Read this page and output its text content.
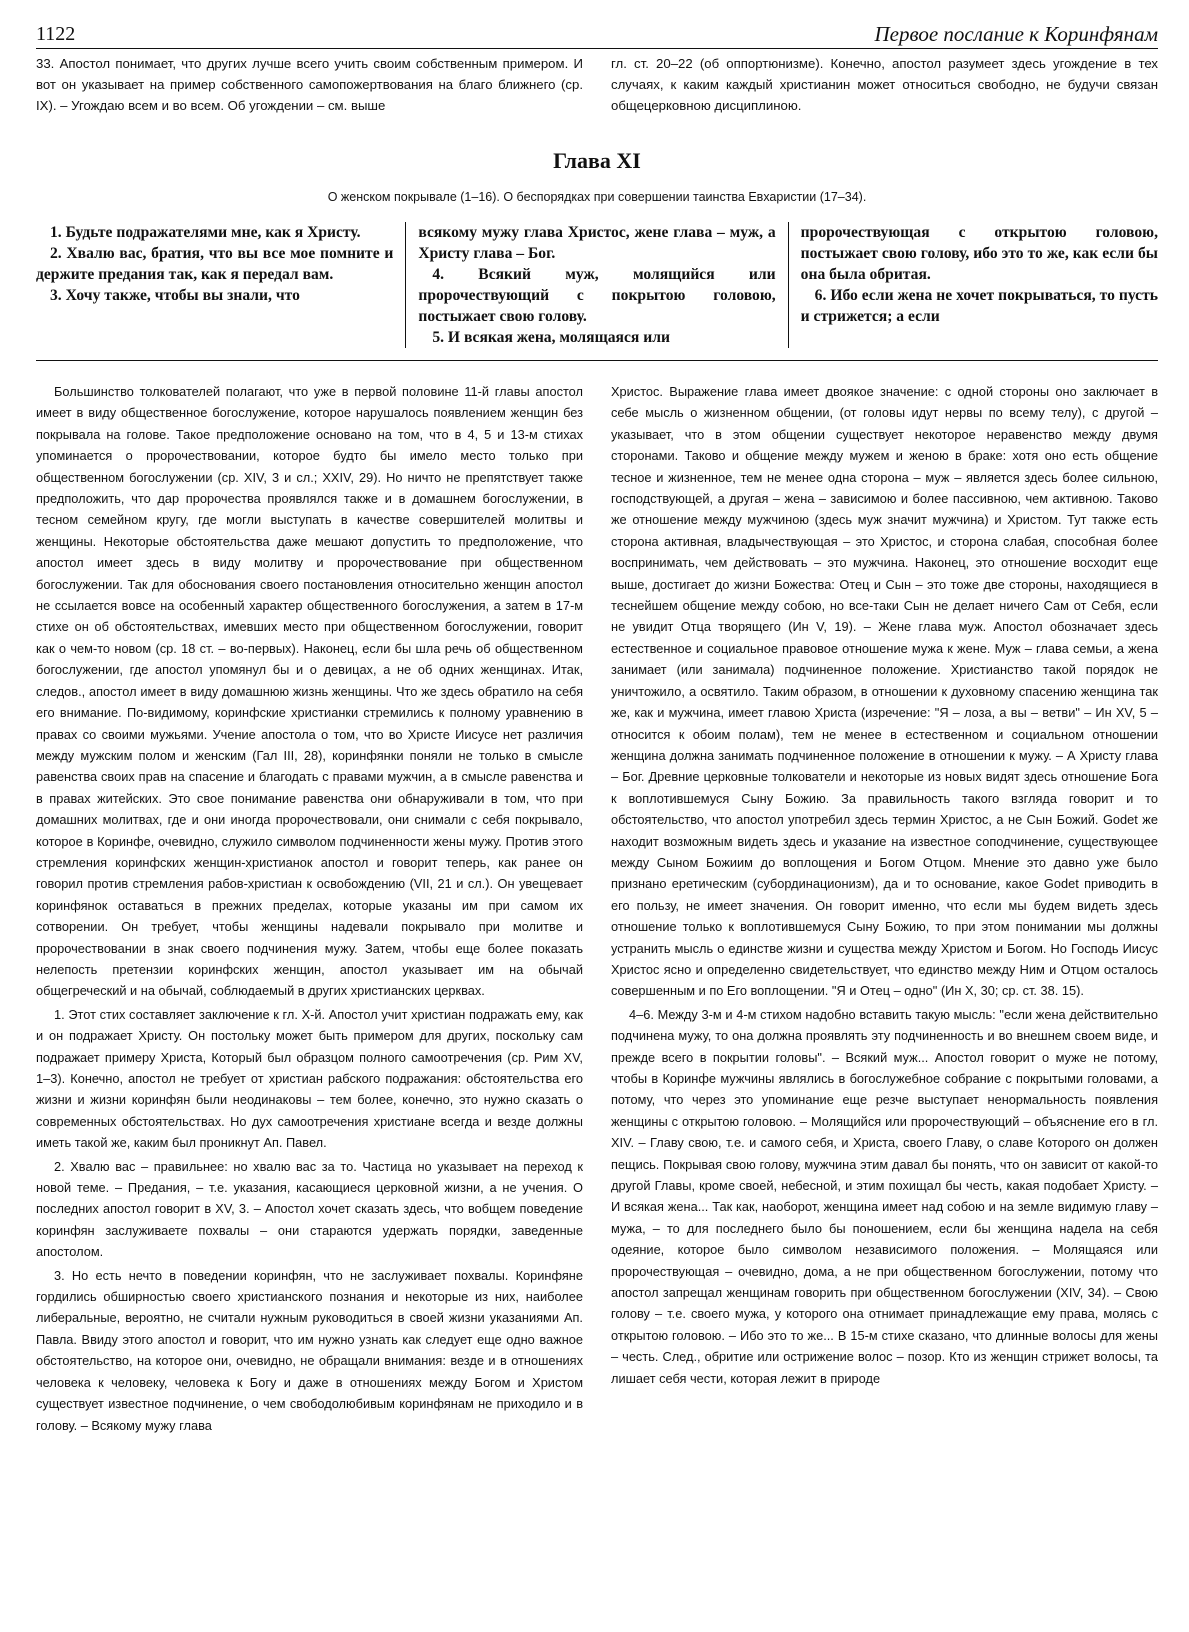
1122	Первое послание к Коринфянам
33. Апостол понимает, что других лучше всего учить своим собственным примером. И вот он указывает на пример собственного самопожертвования на благо ближнего (ср. IX). – Угождаю всем и во всем. Об угождении – см. выше
гл. ст. 20–22 (об оппортюнизме). Конечно, апостол разумеет здесь угождение в тех случаях, к каким каждый христианин может относиться свободно, не будучи связан общецерковною дисциплиною.
Глава XI
О женском покрывале (1–16). О беспорядках при совершении таинства Евхаристии (17–34).

1. Будьте подражателями мне, как я Христу.

2. Хвалю вас, братия, что вы все мое помните и держите предания так, как я передал вам.

3. Хочу также, чтобы вы знали, что

всякому мужу глава Христос, жене глава – муж, а Христу глава – Бог.

4. Всякий муж, молящийся или пророчествующий с покрытою головою, постыжает свою голову.

5. И всякая жена, молящаяся или

пророчествующая с открытою головою, постыжает свою голову, ибо это то же, как если бы она была обритая.

6. Ибо если жена не хочет покрываться, то пусть и стрижется; а если

Большинство толкователей полагают, что уже в первой половине 11-й главы апостол имеет в виду общественное богослужение, которое нарушалось появлением женщин без покрывала на голове. Такое предположение основано на том, что в 4, 5 и 13-м стихах упоминается о пророчествовании, которое будто бы имело место только при общественном богослужении (ср. XIV, 3 и сл.; XXIV, 29). Но ничто не препятствует также предположить, что дар пророчества проявлялся также и в домашнем богослужении, в тесном семейном кругу, где могли выступать в качестве совершителей молитвы и женщины. Некоторые обстоятельства даже мешают допустить то предположение, что апостол имеет здесь в виду молитву и пророчествование при общественном богослужении. Так для обоснования своего постановления относительно женщин апостол не ссылается вовсе на особенный характер общественного богослужения, а затем в 17-м стихе он об обстоятельствах, имевших место при общественном богослужении, говорит как о чем-то новом (ср. 18 ст. – во-первых). Наконец, если бы шла речь об общественном богослужении, где апостол упомянул бы и о девицах, а не об одних женщинах. Итак, следов., апостол имеет в виду домашнюю жизнь женщины. Что же здесь обратило на себя его внимание. По-видимому, коринфские христианки стремились к полному уравнению в правах со своими мужьями. Учение апостола о том, что во Христе Иисусе нет различия между мужским полом и женским (Гал III, 28), коринфянки поняли не только в смысле равенства своих прав на спасение и благодать с правами мужчин, а в смысле равенства и в правах житейских. Это свое понимание равенства они обнаруживали в том, что при домашних молитвах, где и они иногда пророчествовали, они снимали с себя покрывало, которое в Коринфе, очевидно, служило символом подчиненности жены мужу. Против этого стремления коринфских женщин-христианок апостол и говорит теперь, как ранее он говорил против стремления рабов-христиан к освобождению (VII, 21 и сл.). Он увещевает коринфянок оставаться в прежних пределах, которые указаны им при самом их сотворении. Он требует, чтобы женщины надевали покрывало при молитве и пророчествовании в знак своего подчинения мужу. Затем, чтобы еще более показать нелепость претензии коринфских женщин, апостол указывает им на обычай общегреческий и на обычай, соблюдаемый в других христианских церквах.

1. Этот стих составляет заключение к гл. X-й. Апостол учит христиан подражать ему, как и он подражает Христу. Он постольку может быть примером для других, поскольку сам подражает примеру Христа, Который был образцом полного самоотречения (ср. Рим XV, 1–3). Конечно, апостол не требует от христиан рабского подражания: обстоятельства его жизни и жизни коринфян были неодинаковы – тем более, конечно, это нужно сказать о современных обстоятельствах. Но дух самоотречения христиане всегда и везде должны иметь такой же, каким был проникнут Ап. Павел.

2. Хвалю вас – правильнее: но хвалю вас за то. Частица но указывает на переход к новой теме. – Предания, – т.е. указания, касающиеся церковной жизни, а не учения. О последних апостол говорит в XV, 3. – Апостол хочет сказать здесь, что вобщем поведение коринфян заслуживаете похвалы – они стараются удержать порядки, заведенные апостолом.

3. Но есть нечто в поведении коринфян, что не заслуживает похвалы. Коринфяне гордились обширностью своего христианского познания и некоторые из них, наиболее либеральные, вероятно, не считали нужным руководиться в своей жизни указаниями Ап. Павла. Ввиду этого апостол и говорит, что им нужно узнать как следует еще одно важное обстоятельство, на которое они, очевидно, не обращали внимания: везде и в отношениях человека к человеку, человека к Богу и даже в отношениях между Богом и Христом существует известное подчинение, о чем свободолюбивым коринфянам не приходило и в голову. – Всякому мужу глава

Христос. Выражение глава имеет двоякое значение: с одной стороны оно заключает в себе мысль о жизненном общении, (от головы идут нервы по всему телу), с другой – указывает, что в этом общении существует некоторое неравенство между двумя сторонами. Таково и общение между мужем и женою в браке: хотя оно есть общение тесное и жизненное, тем не менее одна сторона – муж – является здесь более сильною, господствующей, а другая – жена – зависимою и более пассивною, чем активною. Таково же отношение между мужчиною (здесь муж значит мужчина) и Христом. Тут также есть сторона активная, владычествующая – это Христос, и сторона слабая, способная более воспринимать, чем действовать – это мужчина. Наконец, это отношение восходит еще выше, достигает до жизни Божества: Отец и Сын – это тоже две стороны, находящиеся в теснейшем общение между собою, но все-таки Сын не делает ничего Сам от Себя, если не увидит Отца творящего (Ин V, 19). – Жене глава муж. Апостол обозначает здесь естественное и социальное правовое отношение мужа к жене. Муж – глава семьи, а жена занимает (или занимала) подчиненное положение. Христианство такой порядок не уничтожило, а освятило. Таким образом, в отношении к духовному спасению женщина так же, как и мужчина, имеет главою Христа (изречение: "Я – лоза, а вы – ветви" – Ин XV, 5 – относится к обоим полам), тем не менее в естественном и социальном отношении женщина должна занимать подчиненное положение в отношении к мужу. – А Христу глава – Бог. Древние церковные толкователи и некоторые из новых видят здесь отношение Бога к воплотившемуся Сыну Божию. За правильность такого взгляда говорит и то обстоятельство, что апостол употребил здесь термин Христос, а не Сын Божий. Godet же находит возможным видеть здесь и указание на известное соподчинение, существующее между Сыном Божиим до воплощения и Богом Отцом. Мнение это давно уже было признано еретическим (субординационизм), да и то основание, какое Godet приводить в его пользу, не имеет значения. Он говорит именно, что если мы будем видеть здесь отношение только к воплотившемуся Сыну Божию, то при этом понимании мы должны устранить мысль о единстве жизни и существа между Христом и Богом. Но Господь Иисус Христос ясно и определенно свидетельствует, что единство между Ним и Отцом осталось совершенным и по Его воплощении. "Я и Отец – одно" (Ин X, 30; ср. ст. 38. 15).

4–6. Между 3-м и 4-м стихом надобно вставить такую мысль: "если жена действительно подчинена мужу, то она должна проявлять эту подчиненность и во внешнем своем виде, и прежде всего в покрытии головы". – Всякий муж... Апостол говорит о муже не потому, чтобы в Коринфе мужчины являлись в богослужебное собрание с покрытыми головами, а потому, что через это упоминание еще резче выступает ненормальность появления женщины с открытою головою. – Молящийся или пророчествующий – объяснение его в гл. XIV. – Главу свою, т.е. и самого себя, и Христа, своего Главу, о славе Которого он должен пещись. Покрывая свою голову, мужчина этим давал бы понять, что он зависит от какой-то другой Главы, кроме своей, небесной, и этим похищал бы честь, какая подобает Христу. – И всякая жена... Так как, наоборот, женщина имеет над собою и на земле видимую главу – мужа, – то для последнего было бы поношением, если бы женщина надела на себя одеяние, которое было символом независимого положения. – Молящаяся или пророчествующая – очевидно, дома, а не при общественном богослужении, потому что апостол запрещал женщинам говорить при общественном богослужении (XIV, 34). – Свою голову – т.е. своего мужа, у которого она отнимает принадлежащие ему права, молясь с открытою головою. – Ибо это то же... В 15-м стихе сказано, что длинные волосы для жены – честь. След., обритие или острижение волос – позор. Кто из женщин стрижет волосы, та лишает себя чести, которая лежит в природе
